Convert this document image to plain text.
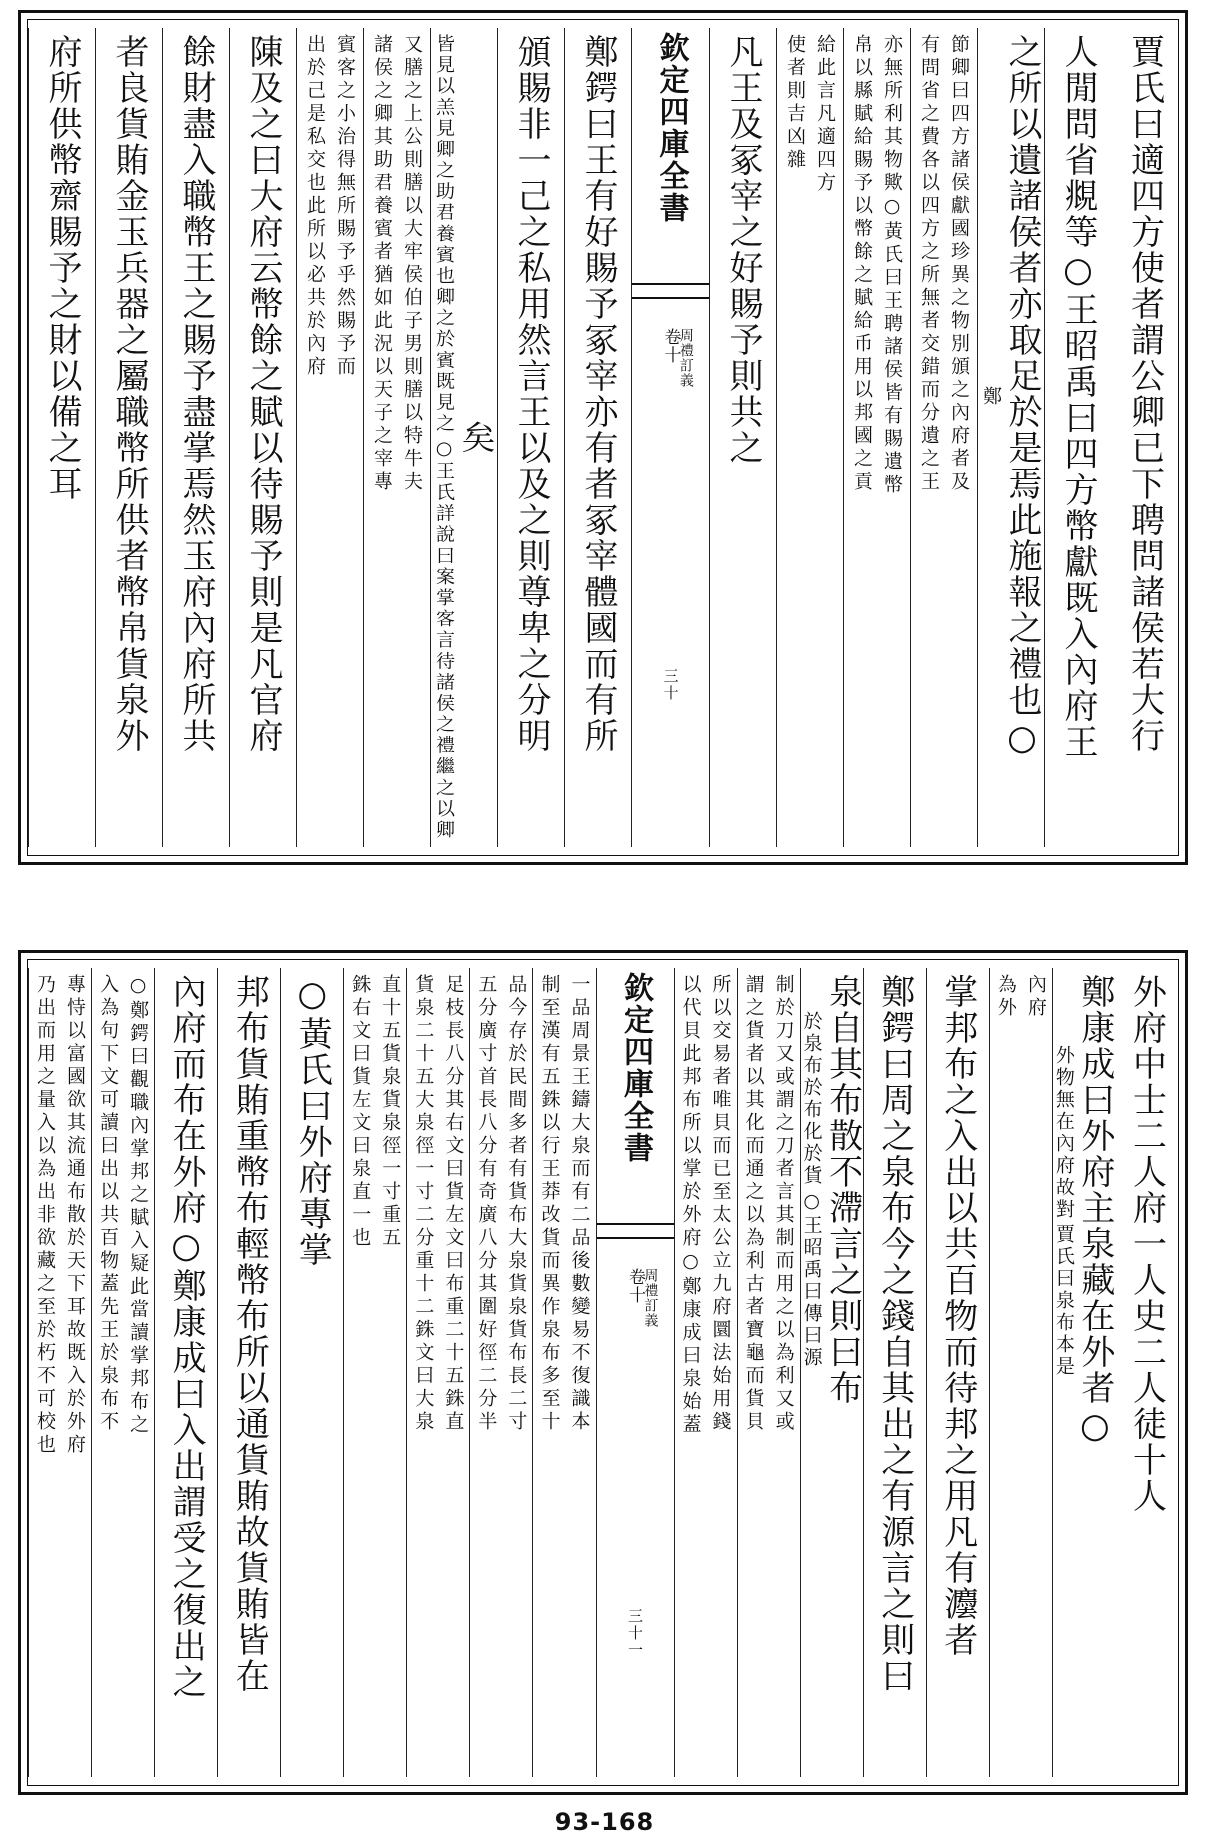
賈氏曰適四方使者謂公卿已下聘問諸侯若大行
人閒問省覜等○王昭禹曰四方幣獻既入內府王
之所以遺諸侯者亦取足於是焉此施報之禮也○
鄭
節卿曰四方諸侯獻國珍異之物別頒之內府者及
有問省之費各以四方之所無者交錯而分遺之王
亦無所利其物歟○黃氏曰王聘諸侯皆有賜遺幣
帛以縣賦給賜予以幣餘之賦給币用以邦國之貢
給此言凡適四方
使者則吉凶雜
凡王及冢宰之好賜予則共之
欽定四庫全書
卷十
周禮訂義
三十
鄭鍔曰王有好賜予冢宰亦有者冢宰體國而有所
頒賜非一己之私用然言王以及之則尊卑之分明
矣
○王氏詳說曰案掌客言待諸侯之禮繼之以卿
皆見以羔見卿之助君養賓也卿之於賓既見之
又膳之上公則膳以大牢侯伯子男則膳以特牛夫
諸侯之卿其助君養賓者猶如此況以天子之宰專
賓客之小治得無所賜予乎然賜予而
出於己是私交也此所以必共於內府
陳及之曰大府云幣餘之賦以待賜予則是凡官府
餘財盡入職幣王之賜予盡掌焉然玉府內府所共
者良貨賄金玉兵器之屬職幣所供者幣帛貨泉外
府所供幣齋賜予之財以備之耳
外府中士二人府一人史二人徒十人
鄭康成曰外府主泉藏在外者○
賈氏曰泉布本是
外物無在內府故對
內府
為外
掌邦布之入出以共百物而待邦之用凡有灋者
鄭鍔曰周之泉布今之錢自其出之有源言之則曰
泉自其布散不滯言之則曰布
○王昭禹曰傳曰源
於泉布於布化於貨
制於刀又或謂之刀者言其制而用之以為利又或
謂之貨者以其化而通之以為利古者寶龜而貨貝
所以交易者唯貝而已至太公立九府圜法始用錢
以代貝此邦布所以掌於外府○鄭康成曰泉始蓋
欽定四庫全書
卷十
周禮訂義
三十一
一品周景王鑄大泉而有二品後數變易不復識本
制至漢有五銖以行王莽改貨而異作泉布多至十
品今存於民間多者有貨布大泉貨泉貨布長二寸
五分廣寸首長八分有奇廣八分其圍好徑二分半
足枝長八分其右文曰貨左文曰布重二十五銖直
貨泉二十五大泉徑一寸二分重十二銖文曰大泉
直十五貨泉貨泉徑一寸重五
銖右文曰貨左文曰泉直一也
○黃氏曰外府專掌
邦布貨賄重幣布輕幣布所以通貨賄故貨賄皆在
內府而布在外府○鄭康成曰入出謂受之復出之
○鄭鍔曰觀職內掌邦之賦入疑此當讀掌邦布之
入為句下文可讀曰出以共百物蓋先王於泉布不
專恃以富國欲其流通布散於天下耳故既入於外府
乃出而用之量入以為出非欲藏之至於朽不可校也
93-168
